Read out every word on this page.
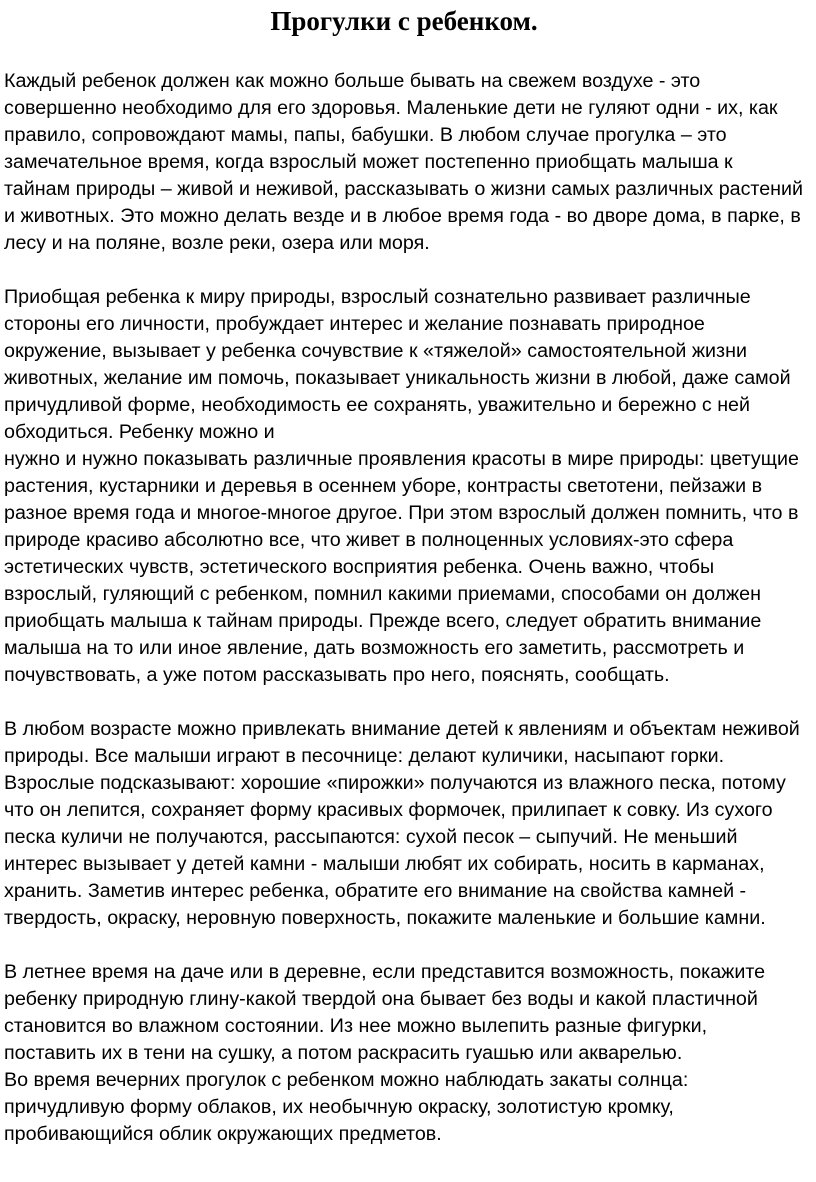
Прогулки с ребенком.

Каждый ребенок должен как можно больше бывать на свежем воздухе - это совершенно необходимо для его здоровья. Маленькие дети не гуляют одни - их, как правило, сопровождают мамы, папы, бабушки. В любом случае прогулка – это замечательное время, когда взрослый может постепенно приобщать малыша к тайнам природы – живой и неживой, рассказывать о жизни самых различных растений и животных. Это можно делать везде и в любое время года - во дворе дома, в парке, в лесу и на поляне, возле реки, озера или моря.

Приобщая ребенка к миру природы, взрослый сознательно развивает различные стороны его личности, пробуждает интерес и желание познавать природное окружение, вызывает у ребенка сочувствие к «тяжелой» самостоятельной жизни животных, желание им помочь, показывает уникальность жизни в любой, даже самой причудливой форме, необходимость ее сохранять, уважительно и бережно с ней обходиться. Ребенку можно и

нужно и нужно показывать различные проявления красоты в мире природы: цветущие растения, кустарники и деревья в осеннем уборе, контрасты светотени, пейзажи в разное время года и многое-многое другое. При этом взрослый должен помнить, что в природе красиво абсолютно все, что живет в полноценных условиях-это сфера эстетических чувств, эстетического восприятия ребенка. Очень важно, чтобы взрослый, гуляющий с ребенком, помнил какими приемами, способами он должен приобщать малыша к тайнам природы. Прежде всего, следует обратить внимание малыша на то или иное явление, дать возможность его заметить, рассмотреть и почувствовать, а уже потом рассказывать про него, пояснять, сообщать.

В любом возрасте можно привлекать внимание детей к явлениям и объектам неживой природы. Все малыши играют в песочнице: делают куличики, насыпают горки. Взрослые подсказывают: хорошие «пирожки» получаются из влажного песка, потому что он лепится, сохраняет форму красивых формочек, прилипает к совку. Из сухого песка куличи не получаются, рассыпаются: сухой песок – сыпучий. Не меньший интерес вызывает у детей камни - малыши любят их собирать, носить в карманах, хранить. Заметив интерес ребенка, обратите его внимание на свойства камней - твердость, окраску, неровную поверхность, покажите маленькие и большие камни.

В летнее время на даче или в деревне, если представится возможность, покажите ребенку природную глину-какой твердой она бывает без воды и какой пластичной становится во влажном состоянии. Из нее можно вылепить разные фигурки, поставить их в тени на сушку, а потом раскрасить гуашью или акварелью.

Во время вечерних прогулок с ребенком можно наблюдать закаты солнца: причудливую форму облаков, их необычную окраску, золотистую кромку, пробивающийся облик окружающих предметов.
